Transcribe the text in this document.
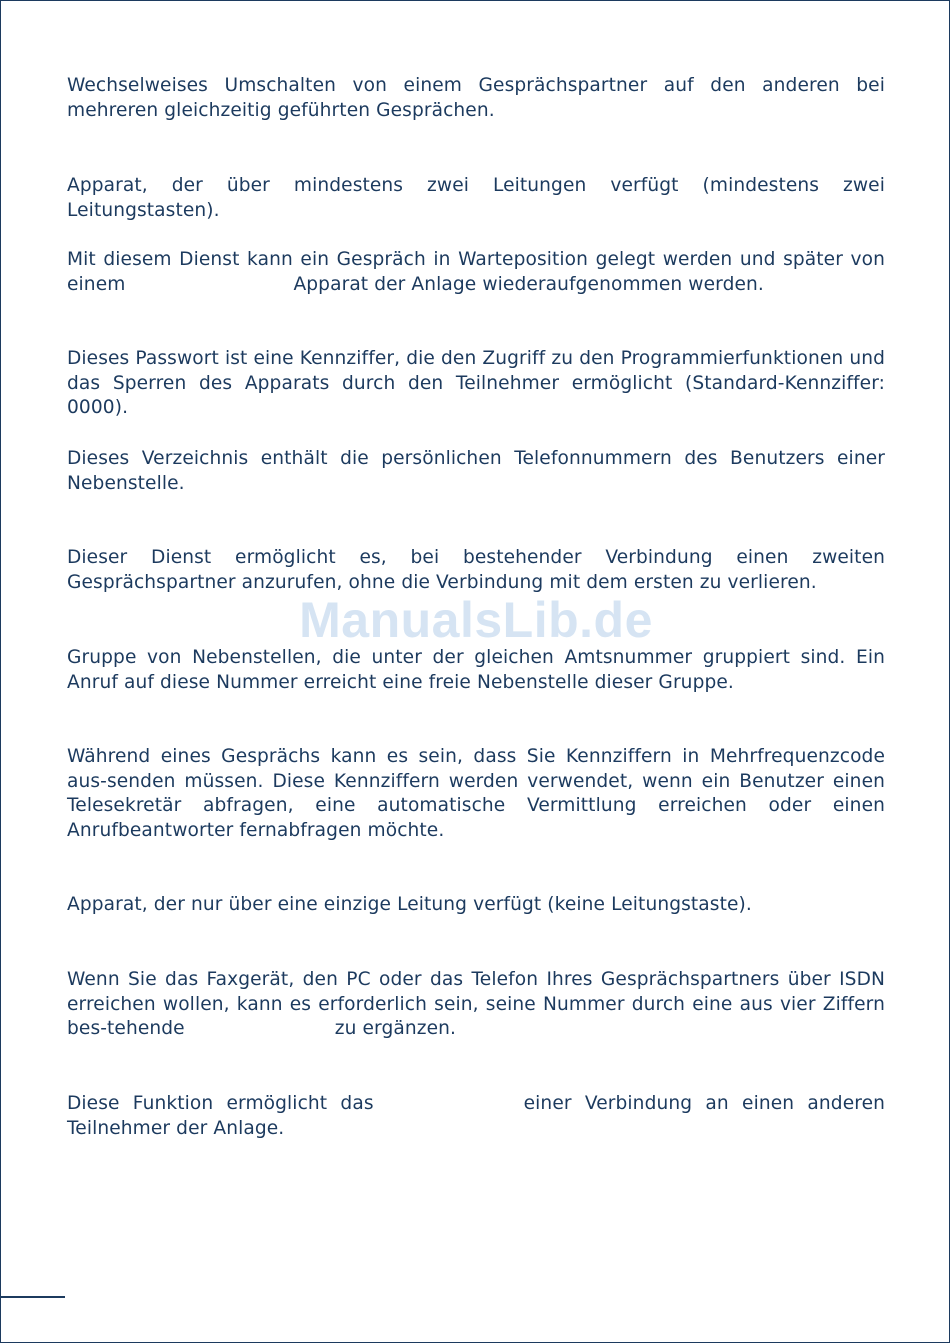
Wechselweises Umschalten von einem Gesprächspartner auf den anderen bei mehreren gleichzeitig geführten Gesprächen.
Apparat, der über mindestens zwei Leitungen verfügt (mindestens zwei Leitungstasten).
Mit diesem Dienst kann ein Gespräch in Warteposition gelegt werden und später von einem	Apparat der Anlage wiederaufgenommen werden.
Dieses Passwort ist eine Kennziffer, die den Zugriff zu den Programmierfunktionen und das Sperren des Apparats durch den Teilnehmer ermöglicht (Standard-Kennziffer: 0000).
Dieses Verzeichnis enthält die persönlichen Telefonnummern des Benutzers einer Nebenstelle.
Dieser Dienst ermöglicht es, bei bestehender Verbindung einen zweiten Gesprächspartner anzurufen, ohne die Verbindung mit dem ersten zu verlieren.
Gruppe von Nebenstellen, die unter der gleichen Amtsnummer gruppiert sind. Ein Anruf auf diese Nummer erreicht eine freie Nebenstelle dieser Gruppe.
Während eines Gesprächs kann es sein, dass Sie Kennziffern in Mehrfrequenzcode aus-senden müssen. Diese Kennziffern werden verwendet, wenn ein Benutzer einen Telesekretär abfragen, eine automatische Vermittlung erreichen oder einen Anrufbeantworter fernabfragen möchte.
Apparat, der nur über eine einzige Leitung verfügt (keine Leitungstaste).
Wenn Sie das Faxgerät, den PC oder das Telefon Ihres Gesprächspartners über ISDN erreichen wollen, kann es erforderlich sein, seine Nummer durch eine aus vier Ziffern bes-tehende	zu ergänzen.
Diese Funktion ermöglicht das	einer Verbindung an einen anderen Teilnehmer der Anlage.
ManualsLib.de
